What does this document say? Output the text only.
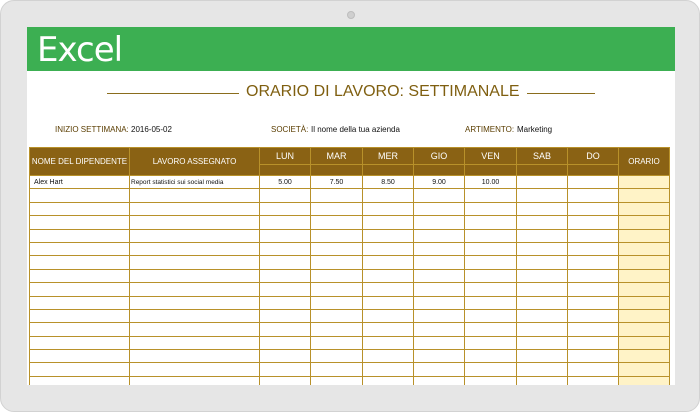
Excel
ORARIO DI LAVORO: SETTIMANALE
INIZIO SETTIMANA: 2016-05-02	SOCIETÀ: Il nome della tua azienda	ARTIMENTO: Marketing
NOME DEL DIPENDENTE	LAVORO ASSEGNATO	LUN	MAR	MER	GIO	VEN	SAB	DO	ORARIO

Alex Hart	Report statistici sui social media	5.00	7.50	8.50	9.00	10.00			
